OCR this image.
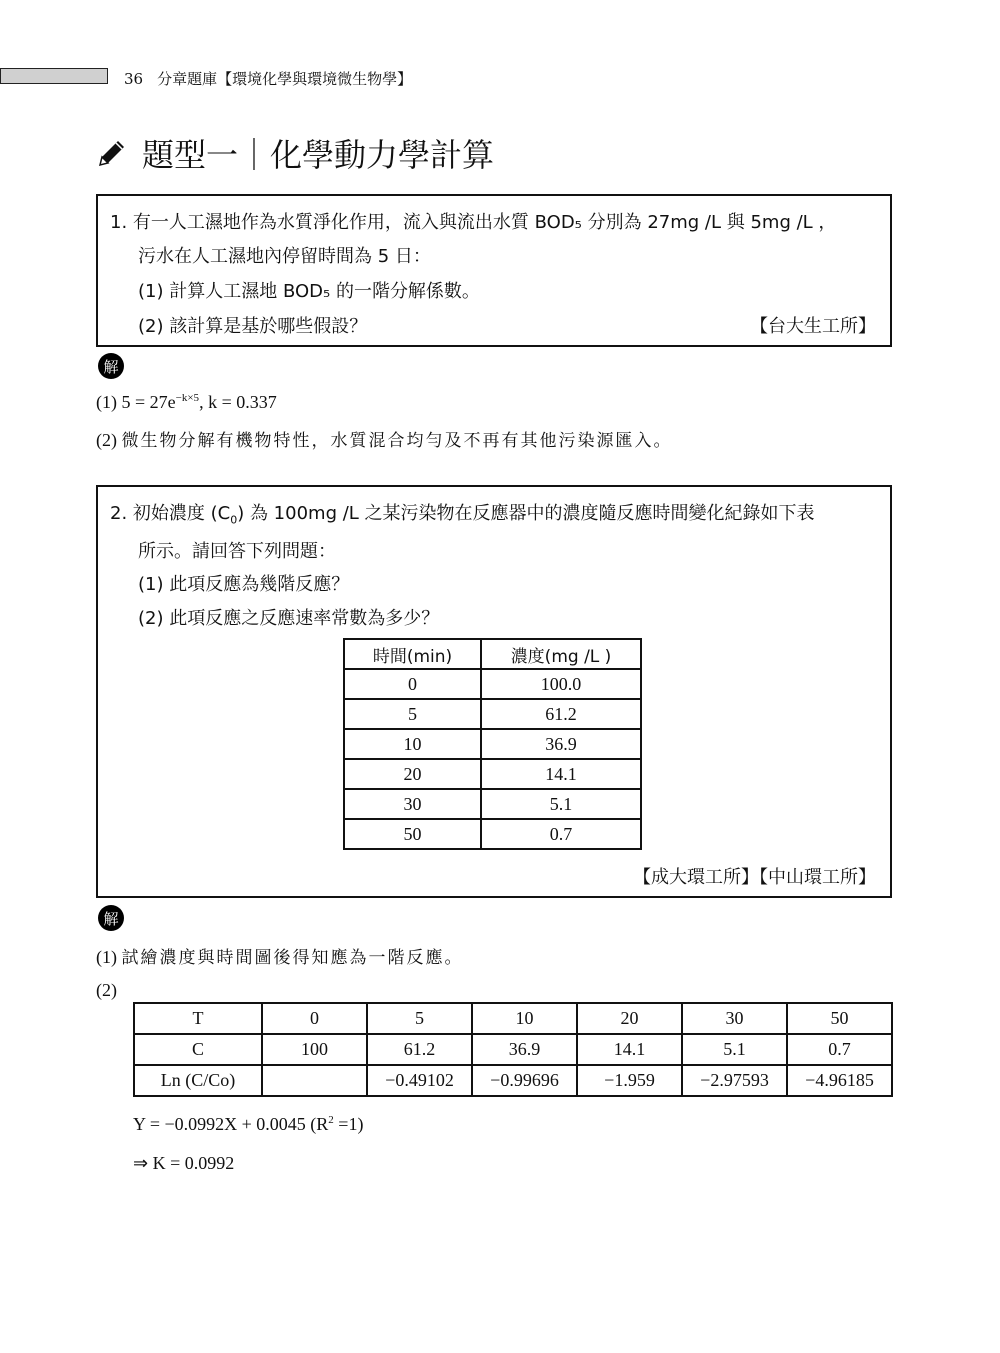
36 分章題庫【環境化學與環境微生物學】
題型一｜化學動力學計算
1. 有一人工濕地作為水質淨化作用，流入與流出水質 BOD₅ 分別為 27mg /L 與 5mg /L ，
污水在人工濕地內停留時間為 5 日：
(1) 計算人工濕地 BOD₅ 的一階分解係數。
(2) 該計算是基於哪些假設？	【台大生工所】
解
(1) $5 = 27e^{-k\times 5}$, k = 0.337
(2) 微生物分解有機物特性，水質混合均勻及不再有其他污染源匯入。
2. 初始濃度 $(C_0)$ 為 100mg /L 之某污染物在反應器中的濃度隨反應時間變化紀錄如下表
所示。請回答下列問題：
(1) 此項反應為幾階反應？
(2) 此項反應之反應速率常數為多少？
【成大環工所】【中山環工所】
時間(min)	濃度(mg /L )
0	100.0
5	61.2
10	36.9
20	14.1
30	5.1
50	0.7
解
(1) 試繪濃度與時間圖後得知應為一階反應。
(2)
T	0	5	10	20	30	50
C	100	61.2	36.9	14.1	5.1	0.7
Ln (C/Co)		−0.49102	−0.99696	−1.959	−2.97593	−4.96185
Y = −0.0992X + 0.0045 $(R^2 =1)$
⇒ K = 0.0992
